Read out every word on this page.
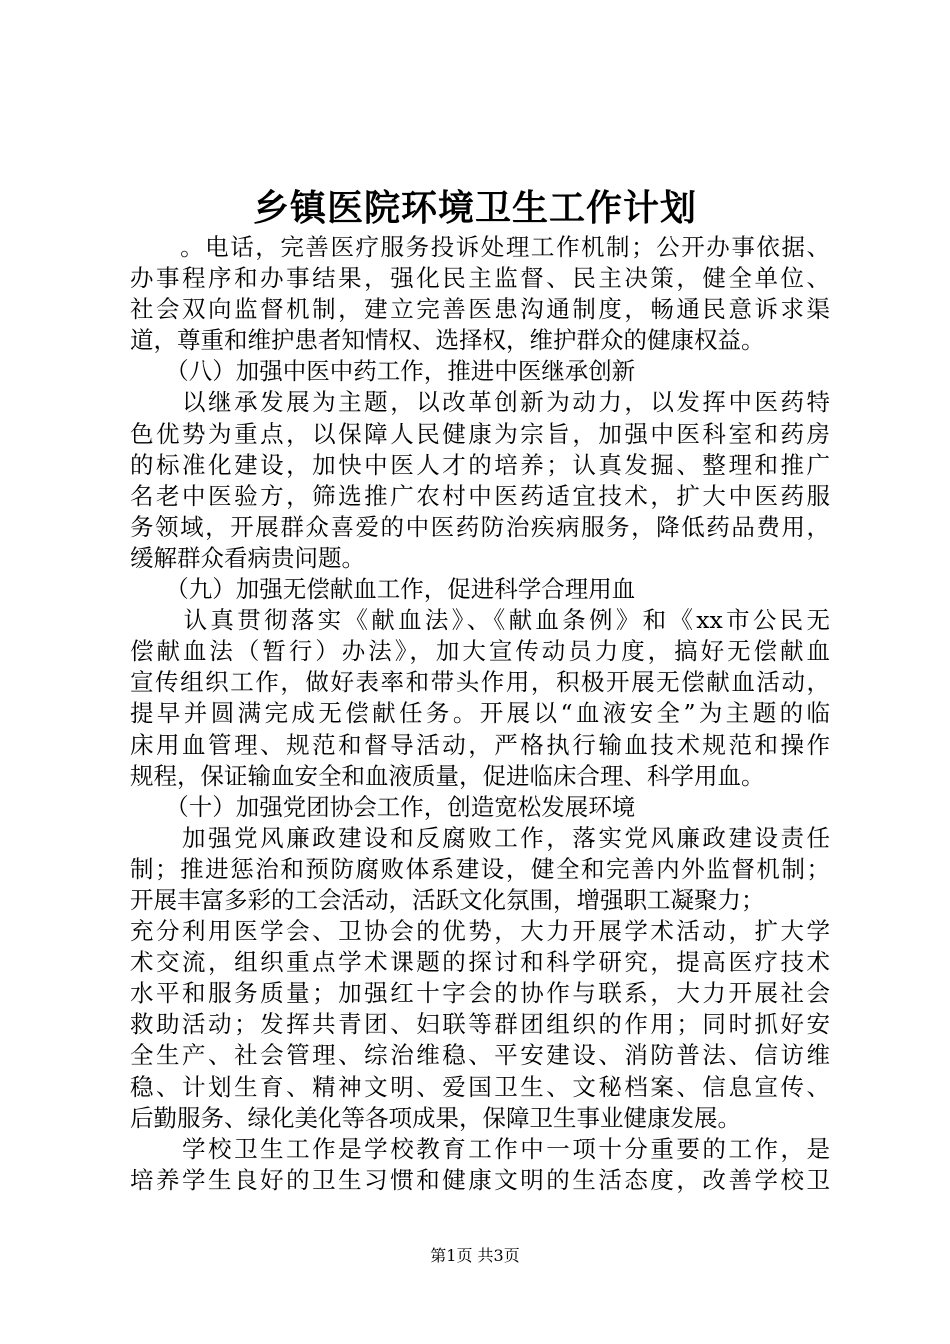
乡镇医院环境卫生工作计划
　　。电话，完善医疗服务投诉处理工作机制；公开办事依据、
办事程序和办事结果，强化民主监督、民主决策，健全单位、
社会双向监督机制，建立完善医患沟通制度，畅通民意诉求渠
道，尊重和维护患者知情权、选择权，维护群众的健康权益。
　　（八）加强中医中药工作，推进中医继承创新
　　以继承发展为主题，以改革创新为动力，以发挥中医药特
色优势为重点，以保障人民健康为宗旨，加强中医科室和药房
的标准化建设，加快中医人才的培养；认真发掘、整理和推广
名老中医验方，筛选推广农村中医药适宜技术，扩大中医药服
务领域，开展群众喜爱的中医药防治疾病服务，降低药品费用，
缓解群众看病贵问题。
　　（九）加强无偿献血工作，促进科学合理用血
　　认真贯彻落实《献血法》、《献血条例》和《xx市公民无
偿献血法（暂行）办法》，加大宣传动员力度，搞好无偿献血
宣传组织工作，做好表率和带头作用，积极开展无偿献血活动，
提早并圆满完成无偿献任务。开展以“血液安全”为主题的临
床用血管理、规范和督导活动，严格执行输血技术规范和操作
规程，保证输血安全和血液质量，促进临床合理、科学用血。
　　（十）加强党团协会工作，创造宽松发展环境
　　加强党风廉政建设和反腐败工作，落实党风廉政建设责任
制；推进惩治和预防腐败体系建设，健全和完善内外监督机制；
开展丰富多彩的工会活动，活跃文化氛围，增强职工凝聚力；
充分利用医学会、卫协会的优势，大力开展学术活动，扩大学
术交流，组织重点学术课题的探讨和科学研究，提高医疗技术
水平和服务质量；加强红十字会的协作与联系，大力开展社会
救助活动；发挥共青团、妇联等群团组织的作用；同时抓好安
全生产、社会管理、综治维稳、平安建设、消防普法、信访维
稳、计划生育、精神文明、爱国卫生、文秘档案、信息宣传、
后勤服务、绿化美化等各项成果，保障卫生事业健康发展。
　　学校卫生工作是学校教育工作中一项十分重要的工作，是
培养学生良好的卫生习惯和健康文明的生活态度，改善学校卫
第1页 共3页
